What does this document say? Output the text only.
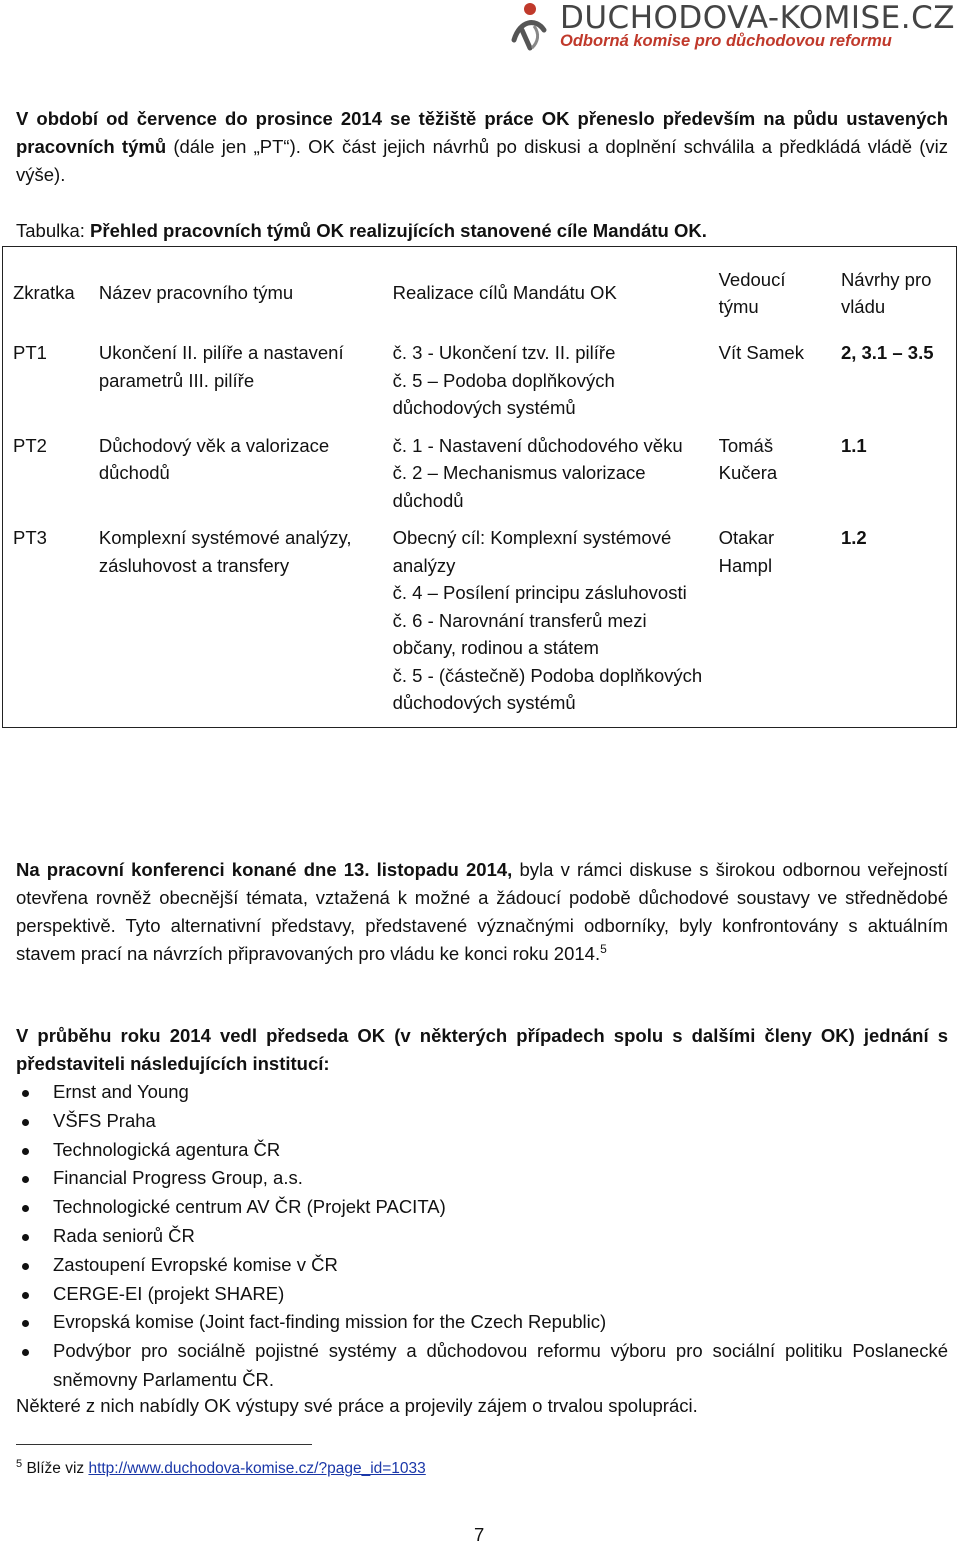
DUCHODOVA-KOMISE.CZ
Odborná komise pro důchodovou reformu
V období od července do prosince 2014 se těžiště práce OK přeneslo především na půdu ustavených pracovních týmů (dále jen „PT“). OK část jejich návrhů po diskusi a doplnění schválila a předkládá vládě (viz výše).
Tabulka: Přehled pracovních týmů OK realizujících stanovené cíle Mandátu OK.
Zkratka	Název pracovního týmu	Realizace cílů Mandátu OK	Vedoucí týmu	Návrhy pro vládu
PT1	Ukončení II. pilíře a nastavení parametrů III. pilíře	č. 3 - Ukončení tzv. II. pilíře
č. 5 – Podoba doplňkových důchodových systémů	Vít Samek	2, 3.1 – 3.5
PT2	Důchodový věk a valorizace důchodů	č. 1 - Nastavení důchodového věku
č. 2 – Mechanismus valorizace důchodů	Tomáš Kučera	1.1
PT3	Komplexní systémové analýzy, zásluhovost a transfery	Obecný cíl: Komplexní systémové analýzy
č. 4 – Posílení principu zásluhovosti
č. 6 - Narovnání transferů mezi občany, rodinou a státem
č. 5 - (částečně) Podoba doplňkových důchodových systémů	Otakar Hampl	1.2
Na pracovní konferenci konané dne 13. listopadu 2014, byla v rámci diskuse s širokou odbornou veřejností otevřena rovněž obecnější témata, vztažená k možné a žádoucí podobě důchodové soustavy ve střednědobé perspektivě. Tyto alternativní představy, představené význačnými odborníky, byly konfrontovány s aktuálním stavem prací na návrzích připravovaných pro vládu ke konci roku 2014.$^5$
V průběhu roku 2014 vedl předseda OK (v některých případech spolu s dalšími členy OK) jednání s představiteli následujících institucí:
Ernst and Young
VŠFS Praha
Technologická agentura ČR
Financial Progress Group, a.s.
Technologické centrum AV ČR (Projekt PACITA)
Rada seniorů ČR
Zastoupení Evropské komise v ČR
CERGE-EI (projekt SHARE)
Evropská komise (Joint fact-finding mission for the Czech Republic)
Podvýbor pro sociálně pojistné systémy a důchodovou reformu výboru pro sociální politiku Poslanecké sněmovny Parlamentu ČR.
Některé z nich nabídly OK výstupy své práce a projevily zájem o trvalou spolupráci.
$^5$ Blíže viz http://www.duchodova-komise.cz/?page_id=1033
7
